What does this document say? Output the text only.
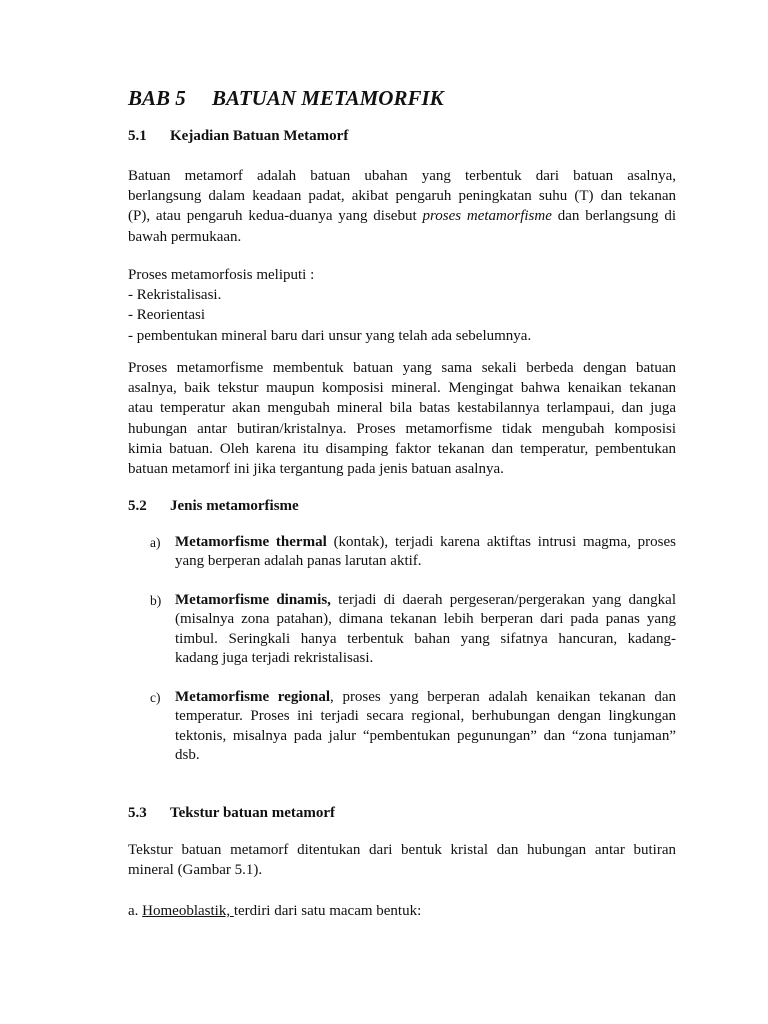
BAB 5 BATUAN METAMORFIK
5.1 Kejadian Batuan Metamorf

Batuan metamorf adalah batuan ubahan yang terbentuk dari batuan asalnya,
berlangsung dalam keadaan padat, akibat pengaruh peningkatan suhu (T) dan tekanan
(P), atau pengaruh kedua-duanya yang disebut proses metamorfisme dan berlangsung di
bawah permukaan.

Proses metamorfosis meliputi :
- Rekristalisasi.
- Reorientasi
- pembentukan mineral baru dari unsur yang telah ada sebelumnya.

Proses metamorfisme membentuk batuan yang sama sekali berbeda dengan batuan
asalnya, baik tekstur maupun komposisi mineral. Mengingat bahwa kenaikan tekanan
atau temperatur akan mengubah mineral bila batas kestabilannya terlampaui, dan juga
hubungan antar butiran/kristalnya. Proses metamorfisme tidak mengubah komposisi
kimia batuan. Oleh karena itu disamping faktor tekanan dan temperatur, pembentukan
batuan metamorf ini jika tergantung pada jenis batuan asalnya.

5.2 Jenis metamorfisme
a) Metamorfisme thermal (kontak), terjadi karena aktiftas intrusi magma, proses
yang berperan adalah panas larutan aktif.
b) Metamorfisme dinamis, terjadi di daerah pergeseran/pergerakan yang dangkal
(misalnya zona patahan), dimana tekanan lebih berperan dari pada panas yang
timbul. Seringkali hanya terbentuk bahan yang sifatnya hancuran, kadang-
kadang juga terjadi rekristalisasi.
c) Metamorfisme regional, proses yang berperan adalah kenaikan tekanan dan
temperatur. Proses ini terjadi secara regional, berhubungan dengan lingkungan
tektonis, misalnya pada jalur “pembentukan pegunungan” dan “zona tunjaman”
dsb.
5.3 Tekstur batuan metamorf

Tekstur batuan metamorf ditentukan dari bentuk kristal dan hubungan antar butiran
mineral (Gambar 5.1).

a. Homeoblastik, terdiri dari satu macam bentuk:
